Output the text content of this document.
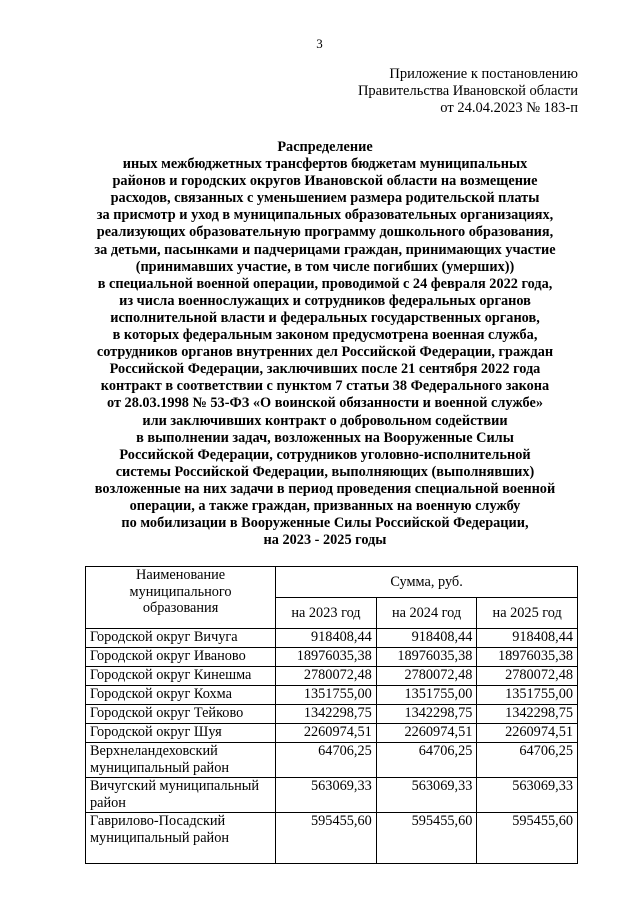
3
Приложение к постановлению
Правительства Ивановской области
от 24.04.2023 № 183-п
Распределение
иных межбюджетных трансфертов бюджетам муниципальных
районов и городских округов Ивановской области на возмещение
расходов, связанных с уменьшением размера родительской платы
за присмотр и уход в муниципальных образовательных организациях,
реализующих образовательную программу дошкольного образования,
за детьми, пасынками и падчерицами граждан, принимающих участие
(принимавших участие, в том числе погибших (умерших))
в специальной военной операции, проводимой с 24 февраля 2022 года,
из числа военнослужащих и сотрудников федеральных органов
исполнительной власти и федеральных государственных органов,
в которых федеральным законом предусмотрена военная служба,
сотрудников органов внутренних дел Российской Федерации, граждан
Российской Федерации, заключивших после 21 сентября 2022 года
контракт в соответствии с пунктом 7 статьи 38 Федерального закона
от 28.03.1998 № 53-ФЗ «О воинской обязанности и военной службе»
или заключивших контракт о добровольном содействии
в выполнении задач, возложенных на Вооруженные Силы
Российской Федерации, сотрудников уголовно-исполнительной
системы Российской Федерации, выполняющих (выполнявших)
возложенные на них задачи в период проведения специальной военной
операции, а также граждан, призванных на военную службу
по мобилизации в Вооруженные Силы Российской Федерации,
на 2023 - 2025 годы
Наименование
муниципального
образования	Сумма, руб.		
	на 2023 год	на 2024 год	на 2025 год

Городской округ Вичуга	918408,44	918408,44	918408,44

Городской округ Иваново	18976035,38	18976035,38	18976035,38

Городской округ Кинешма	2780072,48	2780072,48	2780072,48

Городской округ Кохма	1351755,00	1351755,00	1351755,00

Городской округ Тейково	1342298,75	1342298,75	1342298,75

Городской округ Шуя	2260974,51	2260974,51	2260974,51

Верхнеландеховский
муниципальный район	64706,25	64706,25	64706,25

Вичугский муниципальный
район	563069,33	563069,33	563069,33

Гаврилово-Посадский
муниципальный район	595455,60	595455,60	595455,60
